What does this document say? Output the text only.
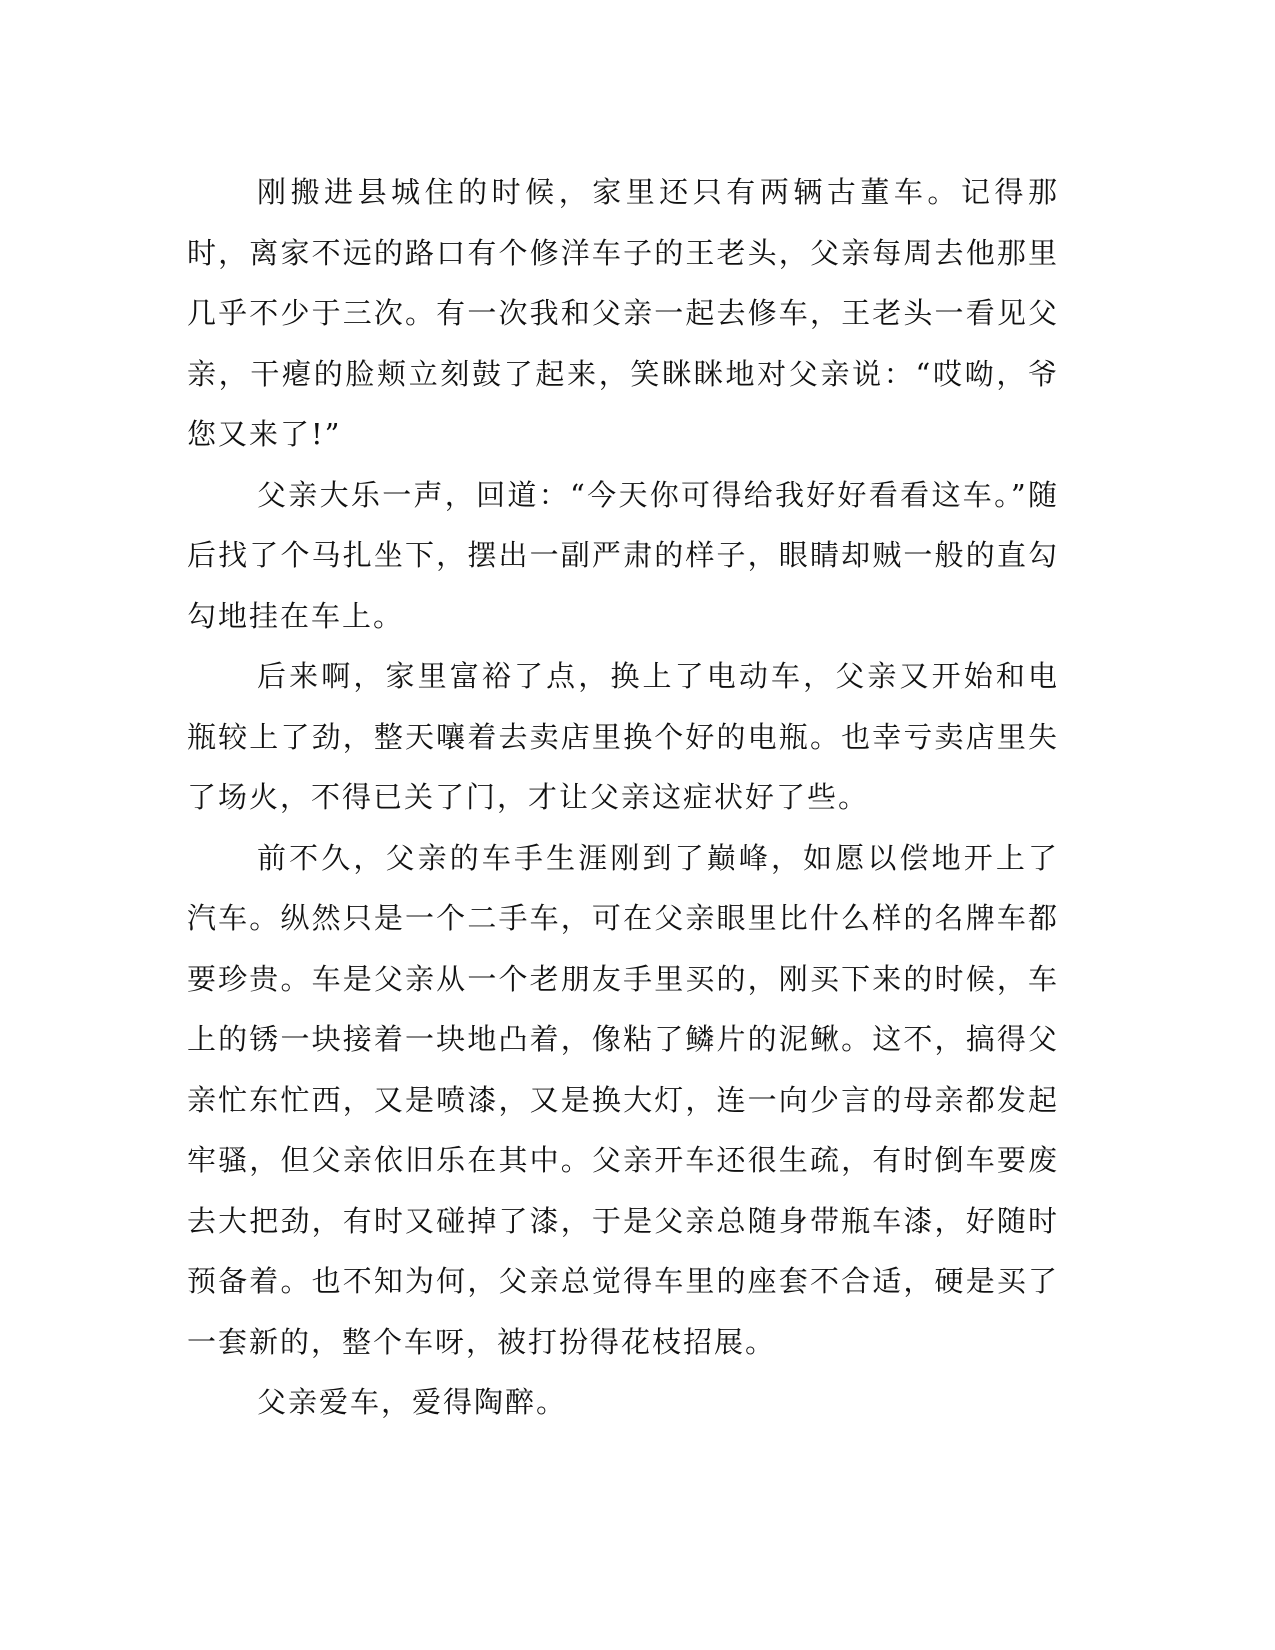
刚搬进县城住的时候，家里还只有两辆古董车。记得那时，离家不远的路口有个修洋车子的王老头，父亲每周去他那里几乎不少于三次。有一次我和父亲一起去修车，王老头一看见父亲，干瘪的脸颊立刻鼓了起来，笑眯眯地对父亲说：“哎呦，爷您又来了!”

父亲大乐一声，回道：“今天你可得给我好好看看这车。”随后找了个马扎坐下，摆出一副严肃的样子，眼睛却贼一般的直勾勾地挂在车上。

后来啊，家里富裕了点，换上了电动车，父亲又开始和电瓶较上了劲，整天嚷着去卖店里换个好的电瓶。也幸亏卖店里失了场火，不得已关了门，才让父亲这症状好了些。

前不久，父亲的车手生涯刚到了巅峰，如愿以偿地开上了汽车。纵然只是一个二手车，可在父亲眼里比什么样的名牌车都要珍贵。车是父亲从一个老朋友手里买的，刚买下来的时候，车上的锈一块接着一块地凸着，像粘了鳞片的泥鳅。这不，搞得父亲忙东忙西，又是喷漆，又是换大灯，连一向少言的母亲都发起牢骚，但父亲依旧乐在其中。父亲开车还很生疏，有时倒车要废去大把劲，有时又碰掉了漆，于是父亲总随身带瓶车漆，好随时预备着。也不知为何，父亲总觉得车里的座套不合适，硬是买了一套新的，整个车呀，被打扮得花枝招展。

父亲爱车，爱得陶醉。
